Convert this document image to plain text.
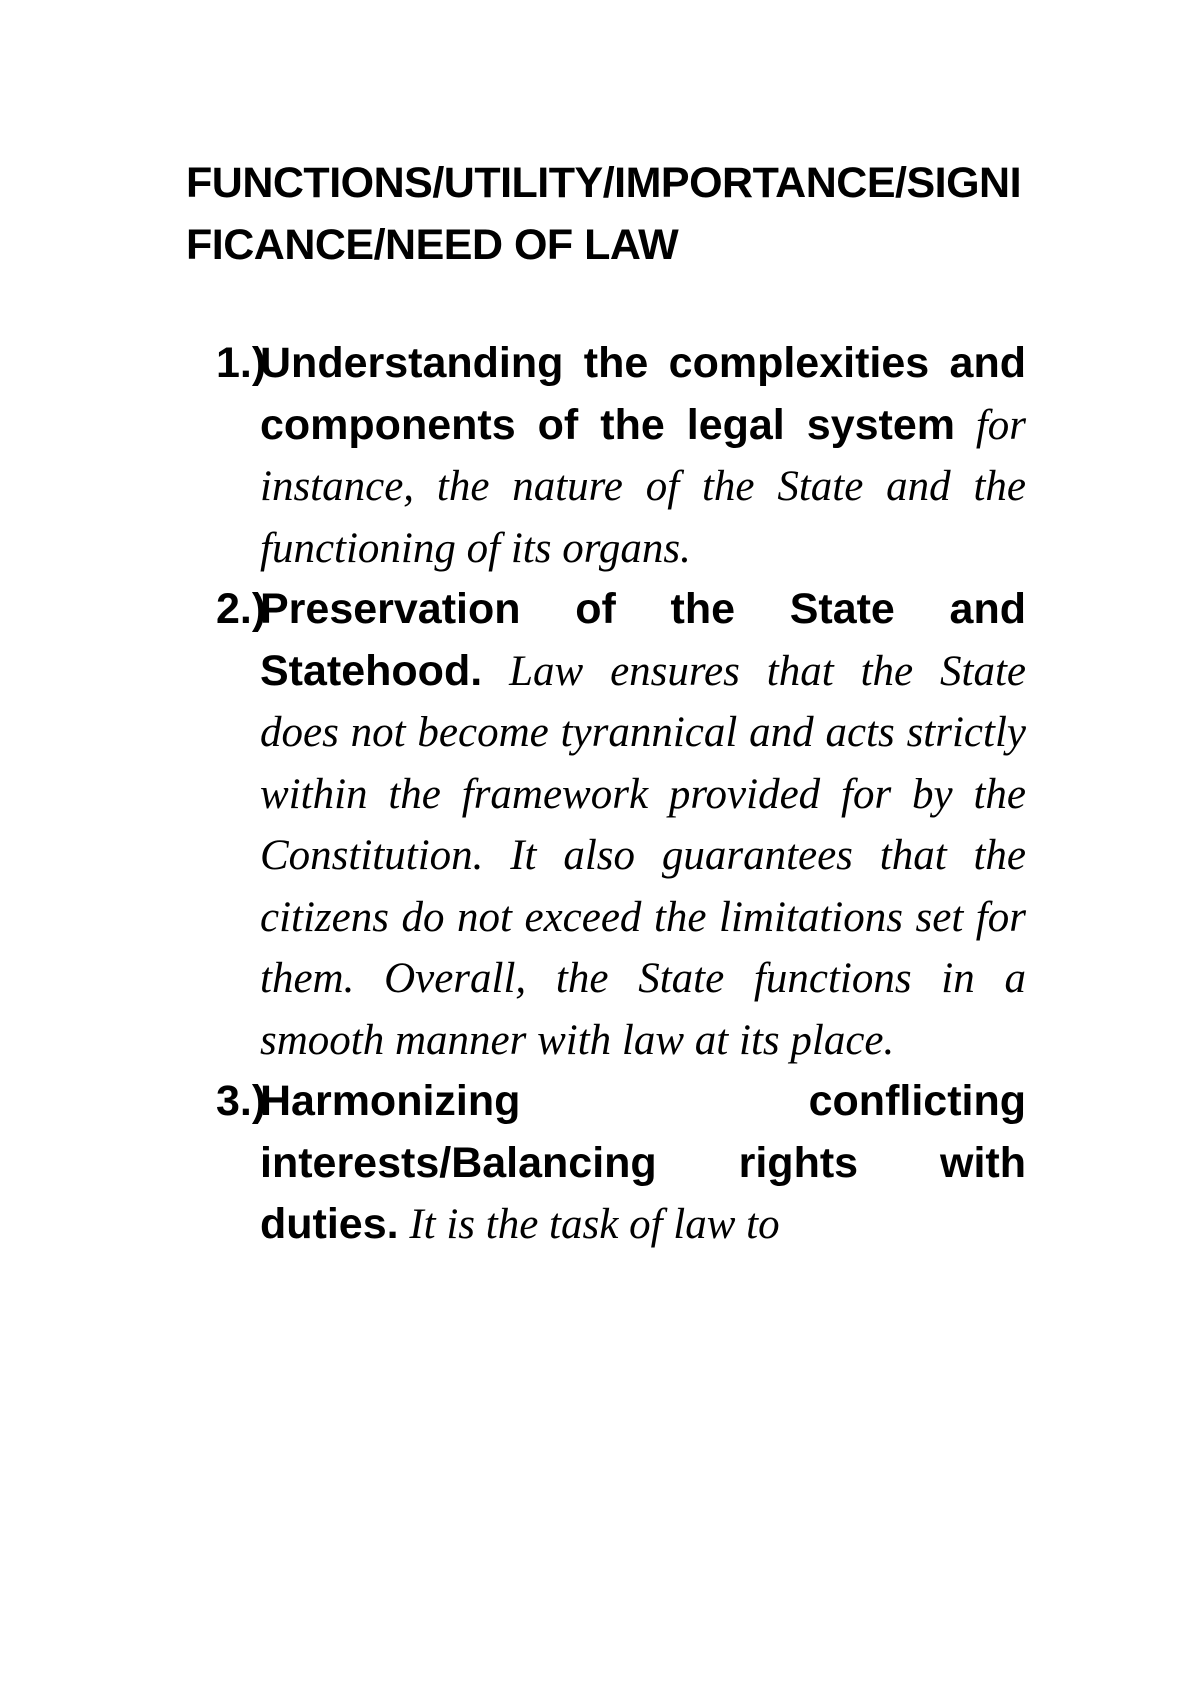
FUNCTIONS/UTILITY/IMPORTANCE/SIGNIFICANCE/NEED OF LAW
1.)
Understanding the complexities and components of the legal system for instance, the nature of the State and the functioning of its organs.
2.)
Preservation of the State and Statehood. Law ensures that the State does not become tyrannical and acts strictly within the framework provided for by the Constitution. It also guarantees that the citizens do not exceed the limitations set for them. Overall, the State functions in a smooth manner with law at its place.
3.)
Harmonizing conflicting interests/Balancing rights with duties. It is the task of law to
